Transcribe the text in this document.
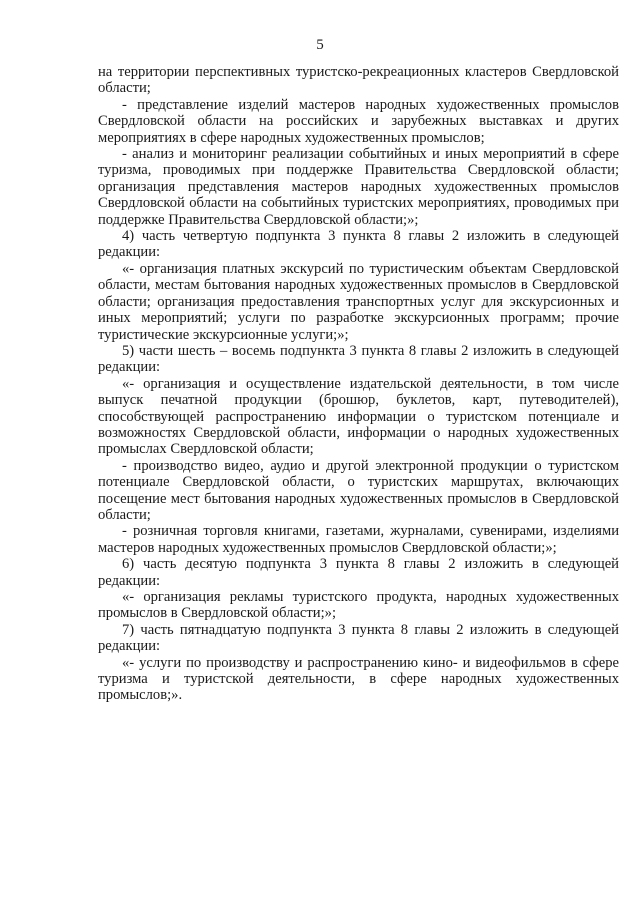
5

на территории перспективных туристско-рекреационных кластеров Свердловской области;

- представление изделий мастеров народных художественных промыслов Свердловской области на российских и зарубежных выставках и других мероприятиях в сфере народных художественных промыслов;

- анализ и мониторинг реализации событийных и иных мероприятий в сфере туризма, проводимых при поддержке Правительства Свердловской области; организация представления мастеров народных художественных промыслов Свердловской области на событийных туристских мероприятиях, проводимых при поддержке Правительства Свердловской области;»;

4) часть четвертую подпункта 3 пункта 8 главы 2 изложить в следующей редакции:

«- организация платных экскурсий по туристическим объектам Свердловской области, местам бытования народных художественных промыслов в Свердловской области; организация предоставления транспортных услуг для экскурсионных и иных мероприятий; услуги по разработке экскурсионных программ; прочие туристические экскурсионные услуги;»;

5) части шесть – восемь подпункта 3 пункта 8 главы 2 изложить в следующей редакции:

«- организация и осуществление издательской деятельности, в том числе выпуск печатной продукции (брошюр, буклетов, карт, путеводителей), способствующей распространению информации о туристском потенциале и возможностях Свердловской области, информации о народных художественных промыслах Свердловской области;

- производство видео, аудио и другой электронной продукции о туристском потенциале Свердловской области, о туристских маршрутах, включающих посещение мест бытования народных художественных промыслов в Свердловской области;

- розничная торговля книгами, газетами, журналами, сувенирами, изделиями мастеров народных художественных промыслов Свердловской области;»;

6) часть десятую подпункта 3 пункта 8 главы 2 изложить в следующей редакции:

«- организация рекламы туристского продукта, народных художественных промыслов в Свердловской области;»;

7) часть пятнадцатую подпункта 3 пункта 8 главы 2 изложить в следующей редакции:

«- услуги по производству и распространению кино- и видеофильмов в сфере туризма и туристской деятельности, в сфере народных художественных промыслов;».
